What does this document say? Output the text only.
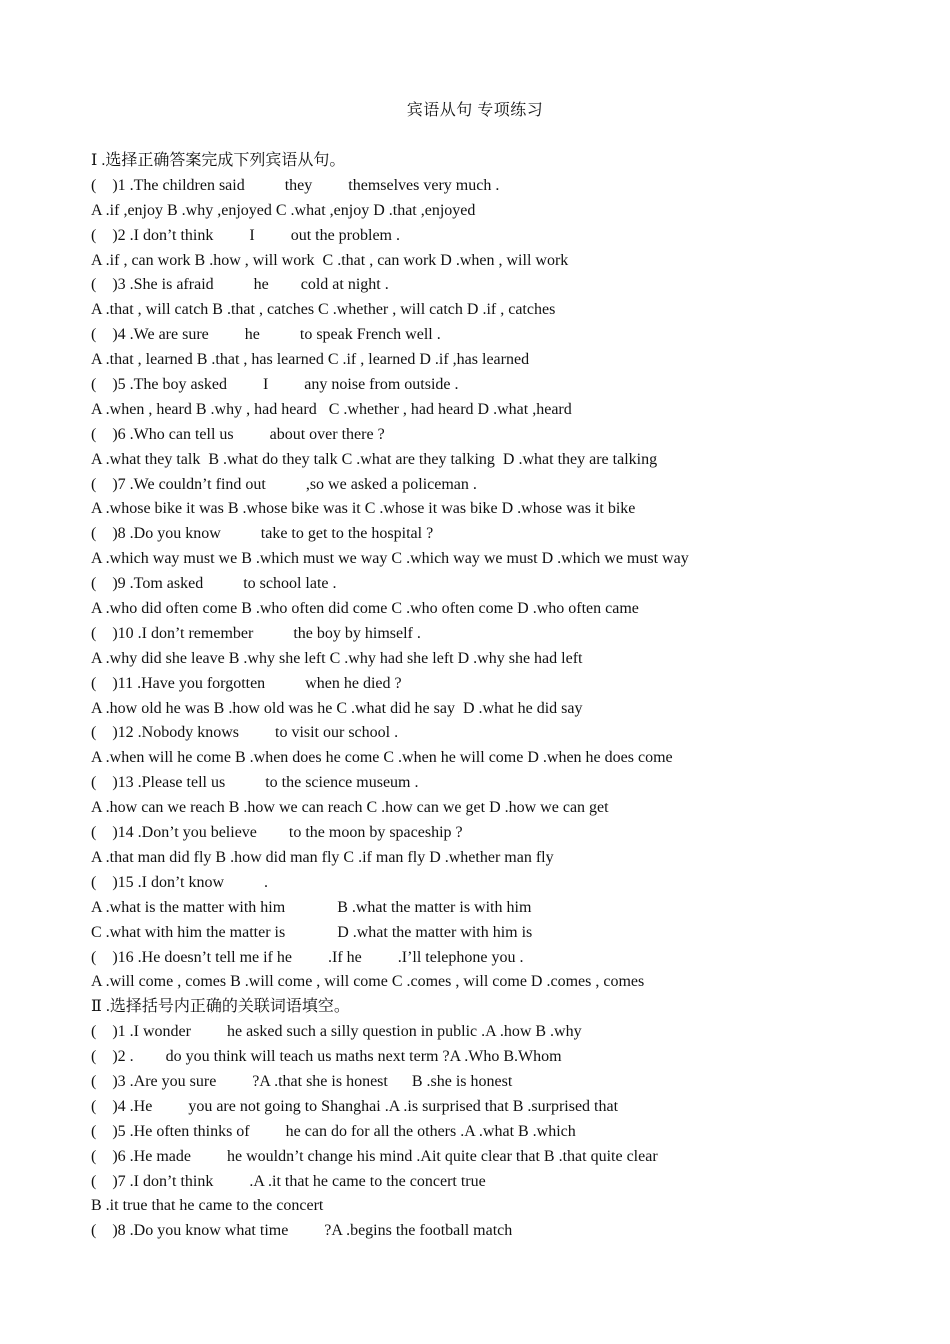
宾语从句 专项练习
Ⅰ .选择正确答案完成下列宾语从句。
(    )1 .The children said          they         themselves very much .
A .if ,enjoy B .why ,enjoyed C .what ,enjoy D .that ,enjoyed
(    )2 .I don’t think         I         out the problem .
A .if , can work B .how , will work  C .that , can work D .when , will work
(    )3 .She is afraid          he        cold at night .
A .that , will catch B .that , catches C .whether , will catch D .if , catches
(    )4 .We are sure         he          to speak French well .
A .that , learned B .that , has learned C .if , learned D .if ,has learned
(    )5 .The boy asked         I         any noise from outside .
A .when , heard B .why , had heard   C .whether , had heard D .what ,heard
(    )6 .Who can tell us         about over there ?
A .what they talk  B .what do they talk C .what are they talking  D .what they are talking
(    )7 .We couldn’t find out          ,so we asked a policeman .
A .whose bike it was B .whose bike was it C .whose it was bike D .whose was it bike
(    )8 .Do you know          take to get to the hospital ?
A .which way must we B .which must we way C .which way we must D .which we must way
(    )9 .Tom asked          to school late .
A .who did often come B .who often did come C .who often come D .who often came
(    )10 .I don’t remember          the boy by himself .
A .why did she leave B .why she left C .why had she left D .why she had left
(    )11 .Have you forgotten          when he died ?
A .how old he was B .how old was he C .what did he say  D .what he did say
(    )12 .Nobody knows         to visit our school .
A .when will he come B .when does he come C .when he will come D .when he does come
(    )13 .Please tell us          to the science museum .
A .how can we reach B .how we can reach C .how can we get D .how we can get
(    )14 .Don’t you believe        to the moon by spaceship ?
A .that man did fly B .how did man fly C .if man fly D .whether man fly
(    )15 .I don’t know          .
A .what is the matter with him             B .what the matter is with him
C .what with him the matter is             D .what the matter with him is
(    )16 .He doesn’t tell me if he         .If he         .I’ll telephone you .
A .will come , comes B .will come , will come C .comes , will come D .comes , comes
Ⅱ .选择括号内正确的关联词语填空。
(    )1 .I wonder         he asked such a silly question in public .A .how B .why
(    )2 .        do you think will teach us maths next term ?A .Who B.Whom
(    )3 .Are you sure         ?A .that she is honest      B .she is honest
(    )4 .He         you are not going to Shanghai .A .is surprised that B .surprised that
(    )5 .He often thinks of         he can do for all the others .A .what B .which
(    )6 .He made         he wouldn’t change his mind .Ait quite clear that B .that quite clear
(    )7 .I don’t think         .A .it that he came to the concert true
B .it true that he came to the concert
(    )8 .Do you know what time         ?A .begins the football match
